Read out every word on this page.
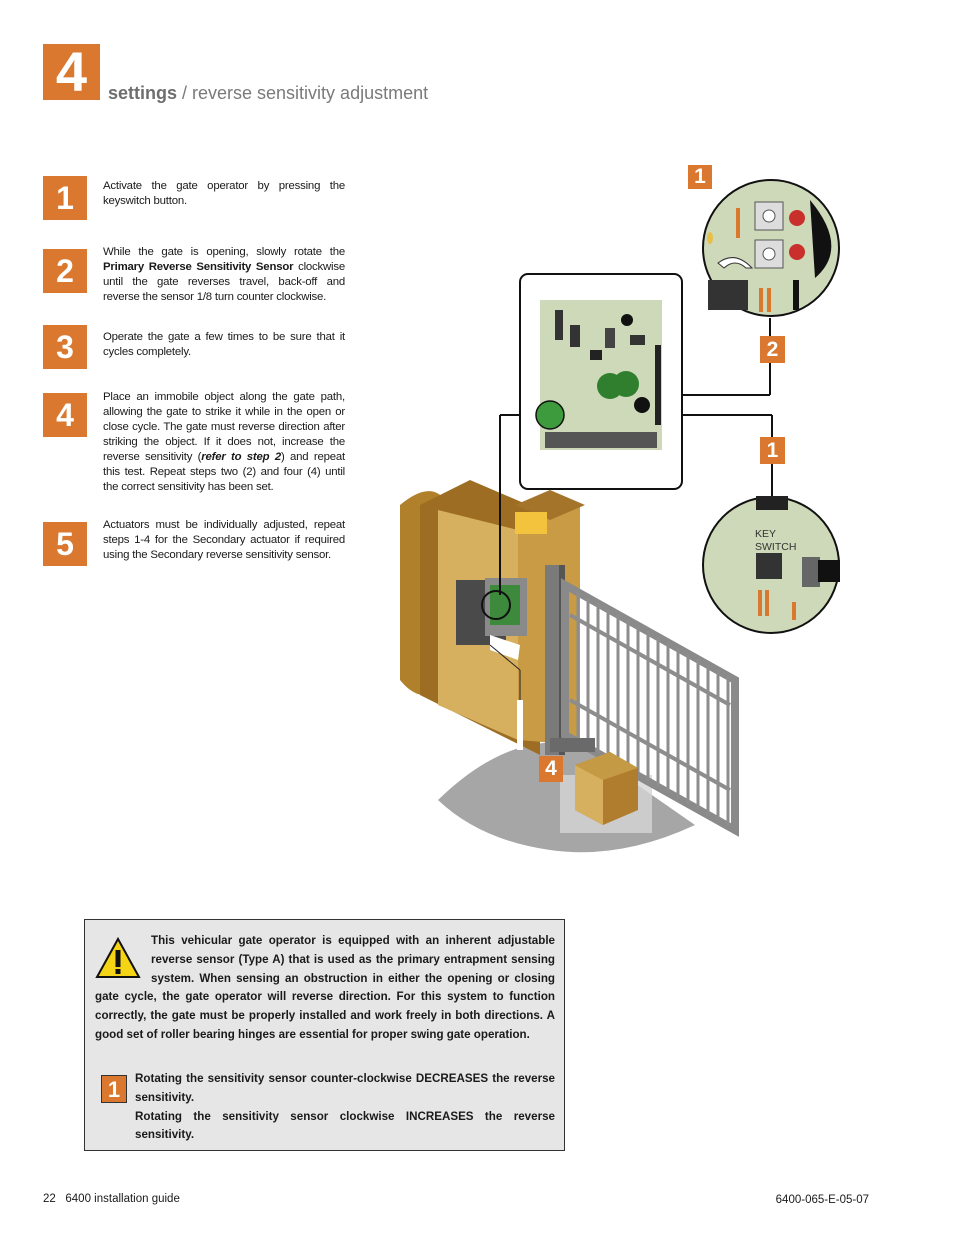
4	settings / reverse sensitivity adjustment
1	Activate the gate operator by pressing the keyswitch button.
2
While the gate is opening, slowly rotate the Primary Reverse Sensitivity Sensor clockwise until the gate reverses travel, back-off and reverse the sensor 1/8 turn counter clockwise.
3	Operate the gate a few times to be sure that it cycles completely.
4	Place an immobile object along the gate path, allowing the gate to strike it while in the open or close cycle. The gate must reverse direction after striking the object. If it does not, increase the reverse sensitivity (refer to step 2) and repeat this test. Repeat steps two (2) and four (4) until the correct sensitivity has been set.
5
Actuators must be individually adjusted, repeat steps 1-4 for the Secondary actuator if required using the Secondary reverse sensitivity sensor.
KEY
SWITCH
1
2
1
4
This vehicular gate operator is equipped with an inherent adjustable reverse sensor (Type A) that is used as the primary entrapment sensing system. When sensing an obstruction in either the opening or closing gate cycle, the gate operator will reverse direction. For this system to function correctly, the gate must be properly installed and work freely in both directions. A good set of roller bearing hinges are essential for proper swing gate operation.
1	Rotating the sensitivity sensor counter-clockwise DECREASES the reverse sensitivity.
Rotating the sensitivity sensor clockwise INCREASES the reverse sensitivity.
22 6400 installation guide	6400-065-E-05-07
